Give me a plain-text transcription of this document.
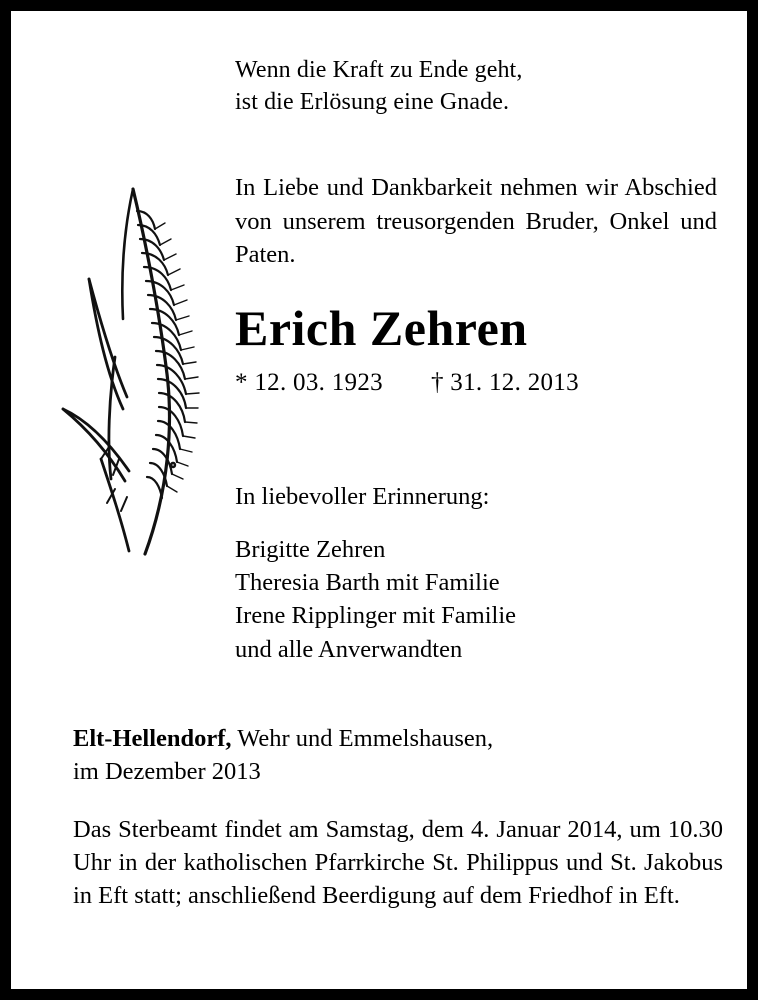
Wenn die Kraft zu Ende geht,
ist die Erlösung eine Gnade.
In Liebe und Dankbarkeit nehmen wir Abschied von unserem treusorgenden Bruder, Onkel und Paten.
Erich Zehren
* 12. 03. 1923 † 31. 12. 2013
In liebevoller Erinnerung:
Brigitte Zehren
Theresia Barth mit Familie
Irene Ripplinger mit Familie
und alle Anverwandten
Elt-Hellendorf, Wehr und Emmelshausen,
im Dezember 2013
Das Sterbeamt findet am Samstag, dem 4. Januar 2014, um 10.30 Uhr in der katholischen Pfarrkirche St. Philippus und St. Jakobus in Eft statt; anschließend Beerdigung auf dem Friedhof in Eft.
